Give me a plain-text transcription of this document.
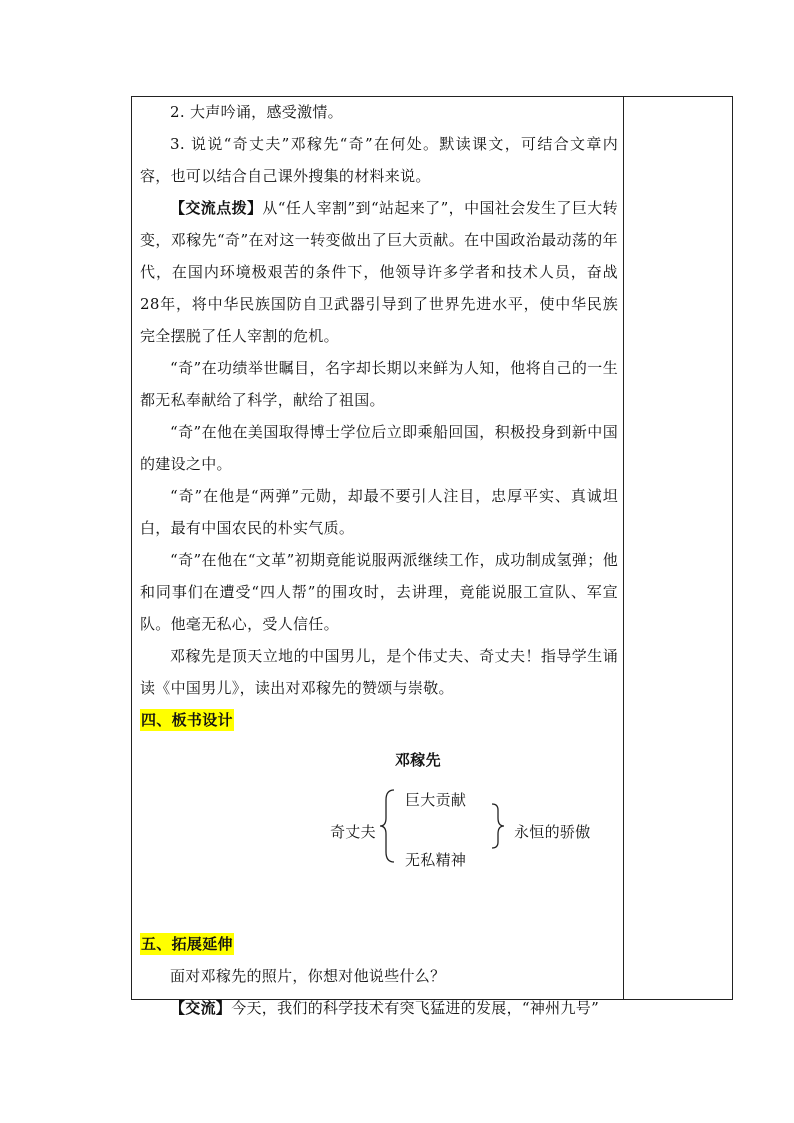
2. 大声吟诵，感受激情。

3. 说说“奇丈夫”邓稼先“奇”在何处。默读课文，可结合文章内容，也可以结合自己课外搜集的材料来说。

【交流点拨】从“任人宰割”到“站起来了”，中国社会发生了巨大转变，邓稼先“奇”在对这一转变做出了巨大贡献。在中国政治最动荡的年代，在国内环境极艰苦的条件下，他领导许多学者和技术人员，奋战28年，将中华民族国防自卫武器引导到了世界先进水平，使中华民族完全摆脱了任人宰割的危机。

“奇”在功绩举世瞩目，名字却长期以来鲜为人知，他将自己的一生都无私奉献给了科学，献给了祖国。

“奇”在他在美国取得博士学位后立即乘船回国，积极投身到新中国的建设之中。

“奇”在他是“两弹”元勋，却最不要引人注目，忠厚平实、真诚坦白，最有中国农民的朴实气质。

“奇”在他在“文革”初期竟能说服两派继续工作，成功制成氢弹；他和同事们在遭受“四人帮”的围攻时，去讲理，竟能说服工宣队、军宣队。他毫无私心，受人信任。

邓稼先是顶天立地的中国男儿，是个伟丈夫、奇丈夫！指导学生诵读《中国男儿》，读出对邓稼先的赞颂与崇敬。

四、板书设计

邓稼先
奇丈夫
巨大贡献
无私精神
永恒的骄傲

五、拓展延伸

面对邓稼先的照片，你想对他说些什么？

【交流】今天，我们的科学技术有突飞猛进的发展，“神州九号”
